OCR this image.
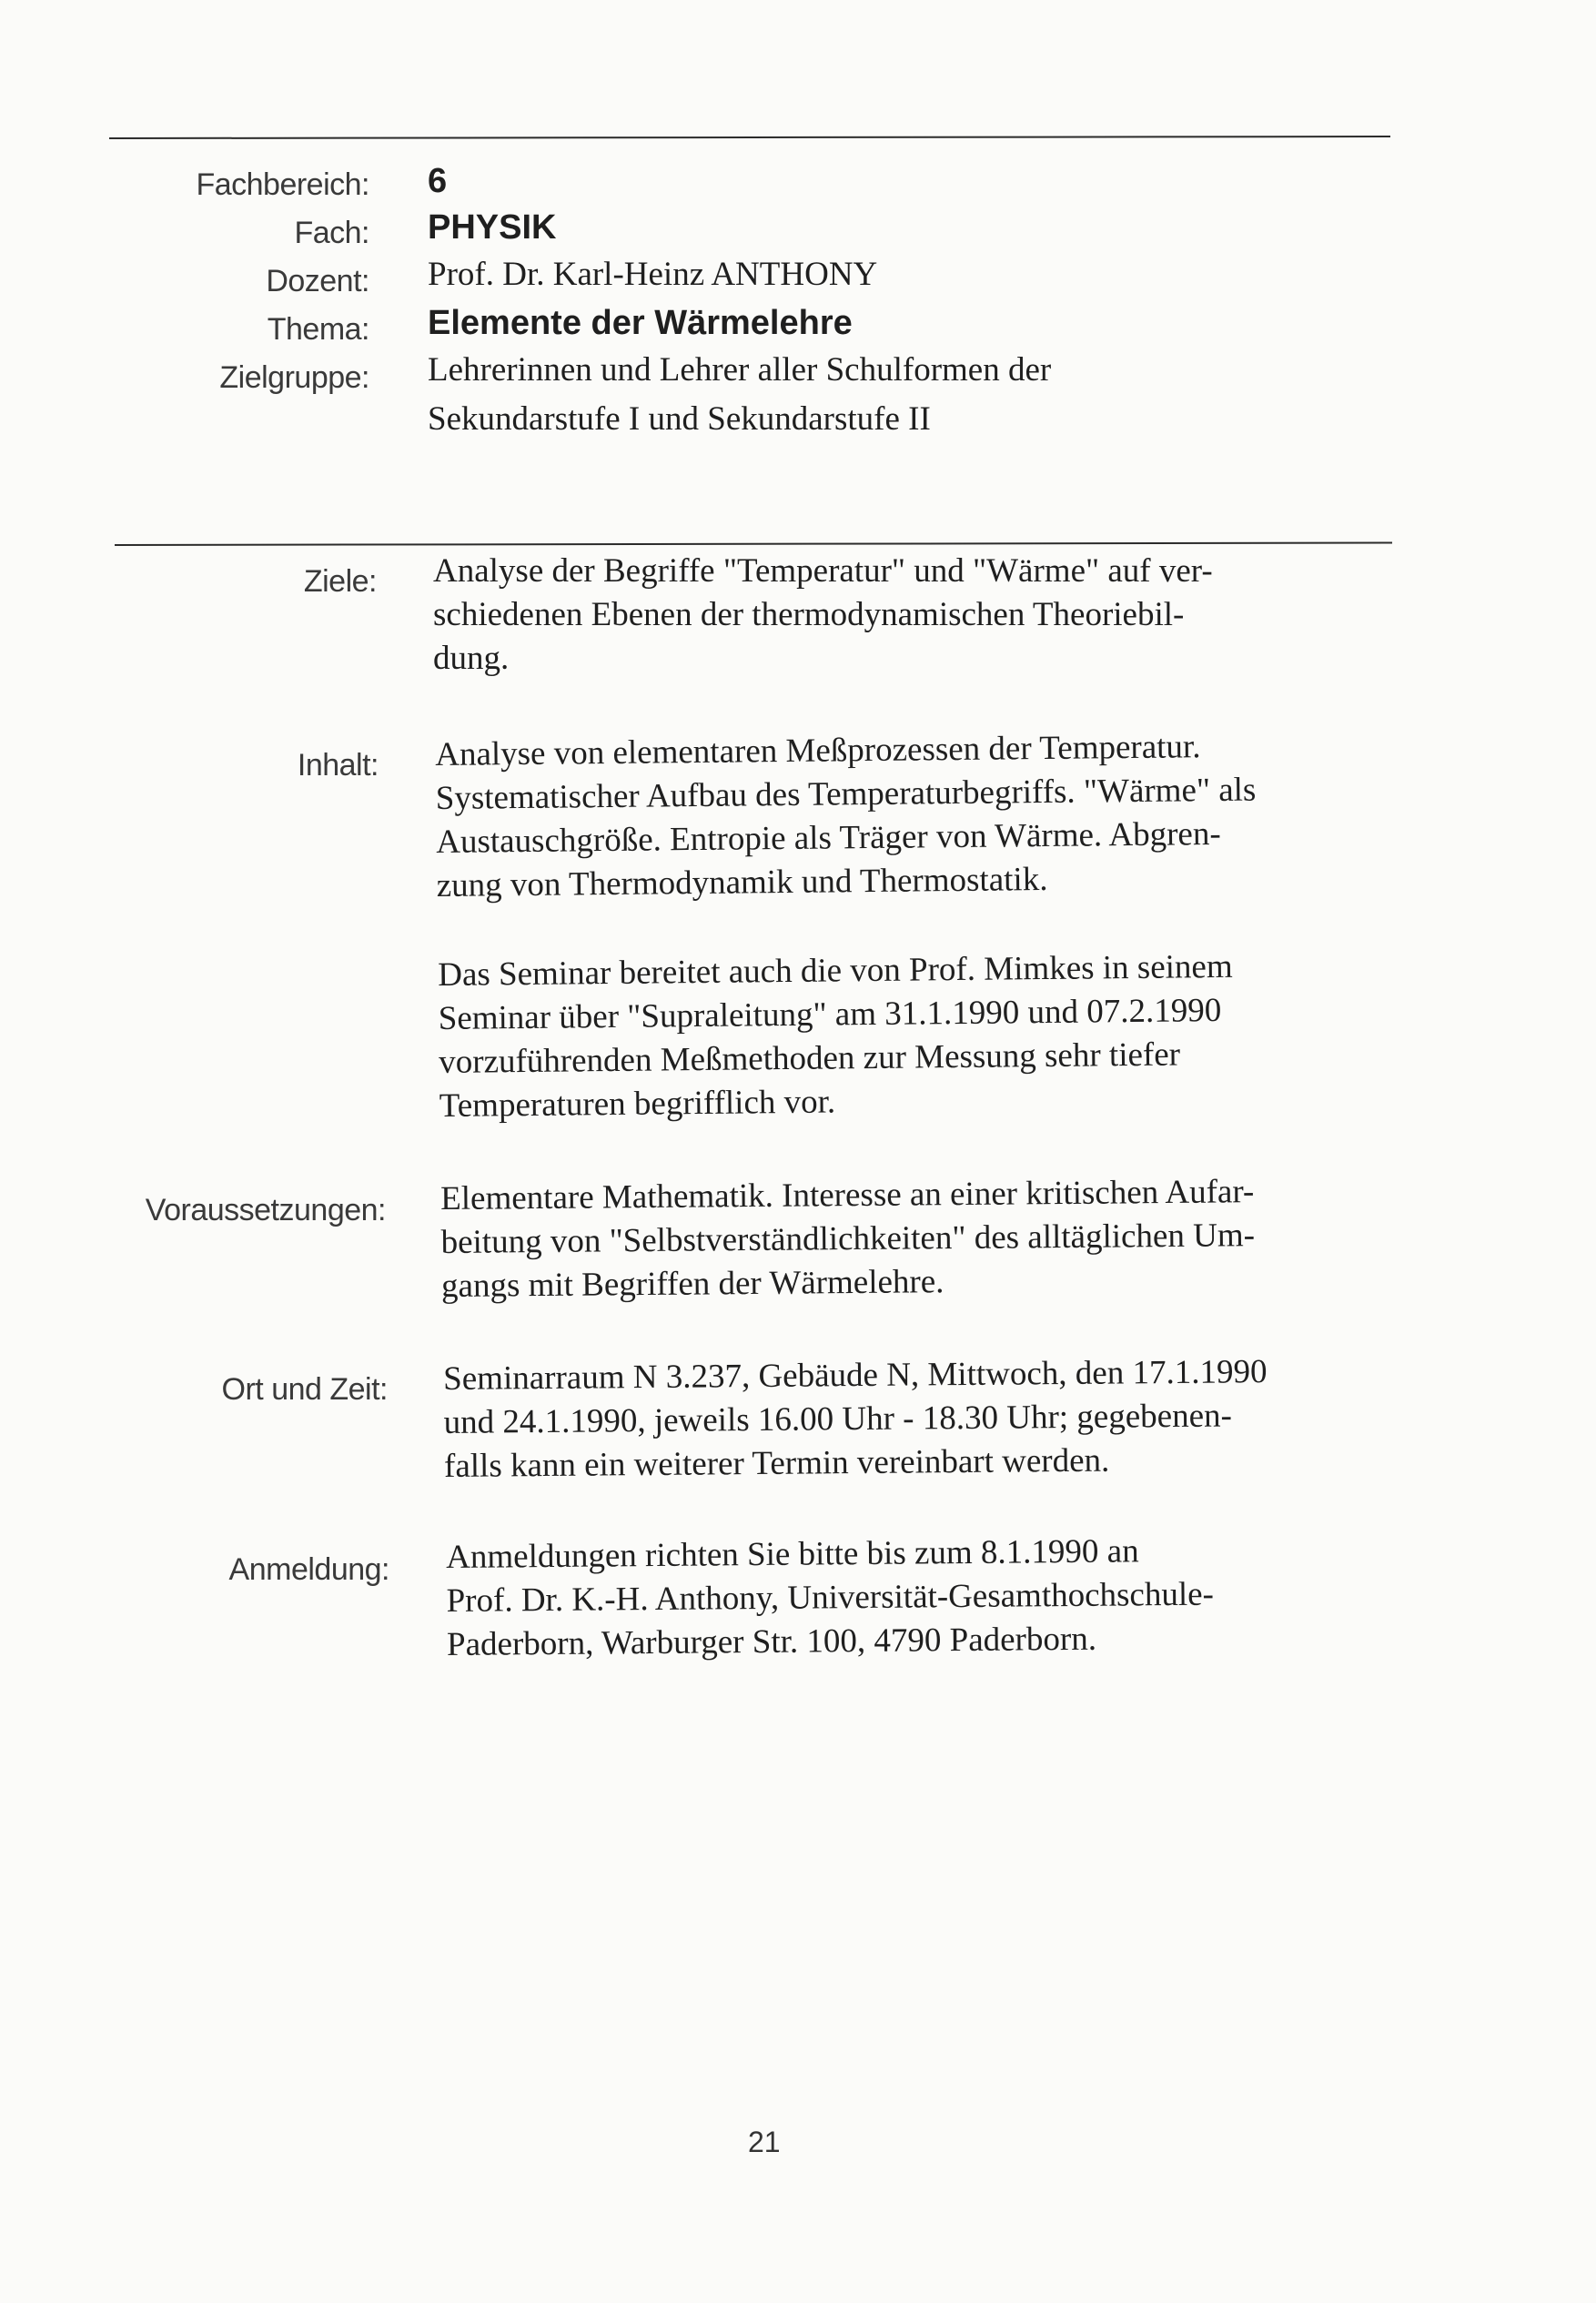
Fachbereich: 6
Fach: PHYSIK
Dozent: Prof. Dr. Karl-Heinz ANTHONY
Thema: Elemente der Wärmelehre
Zielgruppe: Lehrerinnen und Lehrer aller Schulformen der
Sekundarstufe I und Sekundarstufe II
Ziele: Analyse der Begriffe "Temperatur" und "Wärme" auf ver-
schiedenen Ebenen der thermodynamischen Theoriebil-
dung.
Inhalt: Analyse von elementaren Meßprozessen der Temperatur.
Systematischer Aufbau des Temperaturbegriffs. "Wärme" als
Austauschgröße. Entropie als Träger von Wärme. Abgren-
zung von Thermodynamik und Thermostatik.
Das Seminar bereitet auch die von Prof. Mimkes in seinem
Seminar über "Supraleitung" am 31.1.1990 und 07.2.1990
vorzuführenden Meßmethoden zur Messung sehr tiefer
Temperaturen begrifflich vor.
Voraussetzungen: Elementare Mathematik. Interesse an einer kritischen Aufar-
beitung von "Selbstverständlichkeiten" des alltäglichen Um-
gangs mit Begriffen der Wärmelehre.
Ort und Zeit: Seminarraum N 3.237, Gebäude N, Mittwoch, den 17.1.1990
und 24.1.1990, jeweils 16.00 Uhr - 18.30 Uhr; gegebenen-
falls kann ein weiterer Termin vereinbart werden.
Anmeldung: Anmeldungen richten Sie bitte bis zum 8.1.1990 an
Prof. Dr. K.-H. Anthony, Universität-Gesamthochschule-
Paderborn, Warburger Str. 100, 4790 Paderborn.
21
